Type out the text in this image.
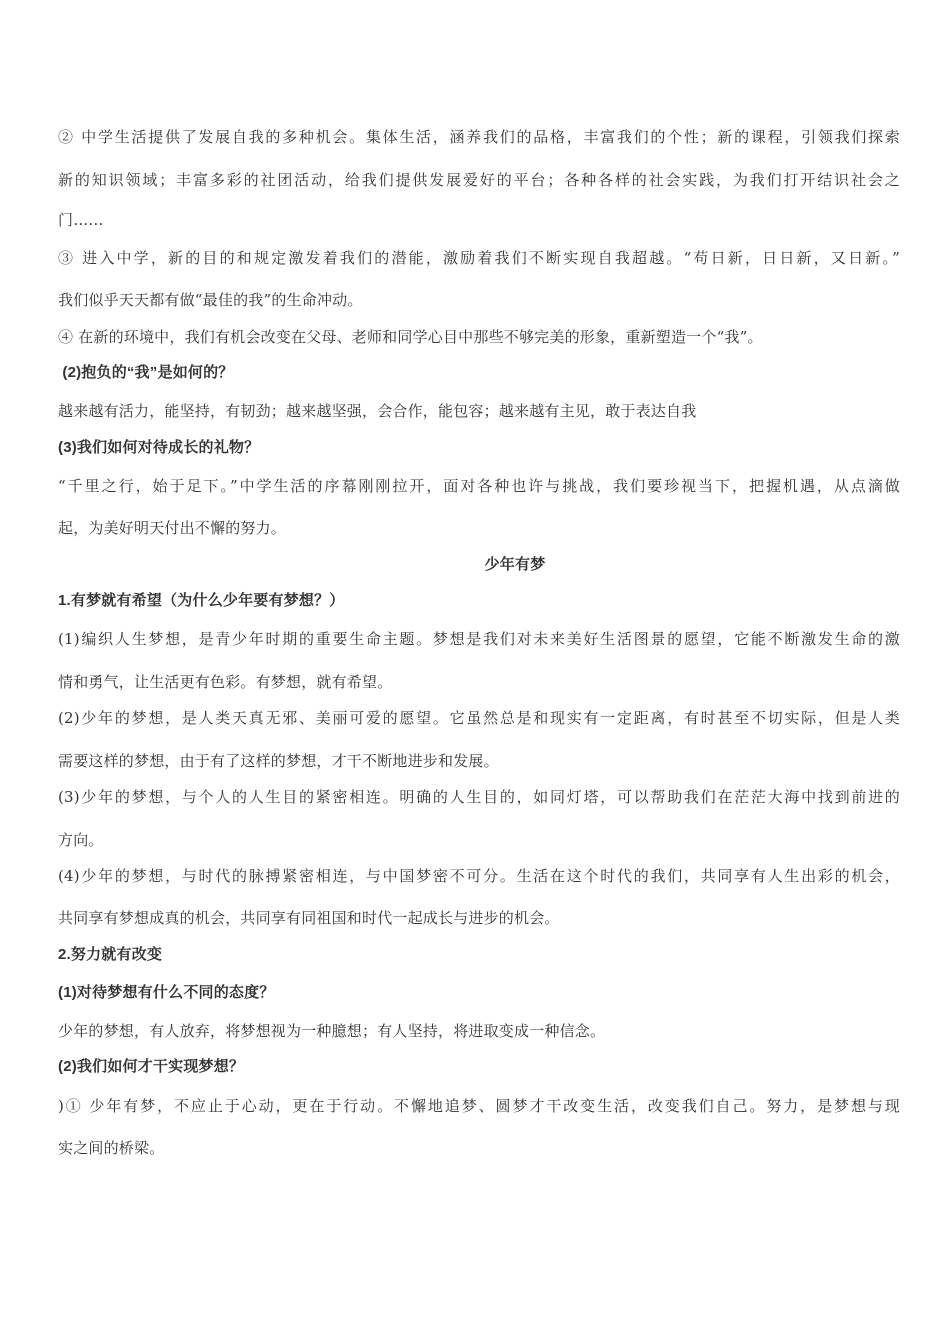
② 中学生活提供了发展自我的多种机会。集体生活，涵养我们的品格，丰富我们的个性；新的课程，引领我们探索
新的知识领域；丰富多彩的社团活动，给我们提供发展爱好的平台；各种各样的社会实践，为我们打开结识社会之
门……
③ 进入中学，新的目的和规定激发着我们的潜能，激励着我们不断实现自我超越。“苟日新，日日新，又日新。”
我们似乎天天都有做“最佳的我”的生命冲动。
④ 在新的环境中，我们有机会改变在父母、老师和同学心目中那些不够完美的形象，重新塑造一个“我”。
(2)抱负的“我”是如何的？
越来越有活力，能坚持，有韧劲；越来越坚强，会合作，能包容；越来越有主见，敢于表达自我
(3)我们如何对待成长的礼物？
“千里之行，始于足下。”中学生活的序幕刚刚拉开，面对各种也许与挑战，我们要珍视当下，把握机遇，从点滴做
起，为美好明天付出不懈的努力。
少年有梦
1.有梦就有希望（为什么少年要有梦想？）
(1)编织人生梦想，是青少年时期的重要生命主题。梦想是我们对未来美好生活图景的愿望，它能不断激发生命的激
情和勇气，让生活更有色彩。有梦想，就有希望。
(2)少年的梦想，是人类天真无邪、美丽可爱的愿望。它虽然总是和现实有一定距离，有时甚至不切实际，但是人类
需要这样的梦想，由于有了这样的梦想，才干不断地进步和发展。
(3)少年的梦想，与个人的人生目的紧密相连。明确的人生目的，如同灯塔，可以帮助我们在茫茫大海中找到前进的
方向。
(4)少年的梦想，与时代的脉搏紧密相连，与中国梦密不可分。生活在这个时代的我们，共同享有人生出彩的机会，
共同享有梦想成真的机会，共同享有同祖国和时代一起成长与进步的机会。
2.努力就有改变
(1)对待梦想有什么不同的态度？
少年的梦想，有人放弃，将梦想视为一种臆想；有人坚持，将进取变成一种信念。
(2)我们如何才干实现梦想？
)① 少年有梦，不应止于心动，更在于行动。不懈地追梦、圆梦才干改变生活，改变我们自己。努力，是梦想与现
实之间的桥梁。
